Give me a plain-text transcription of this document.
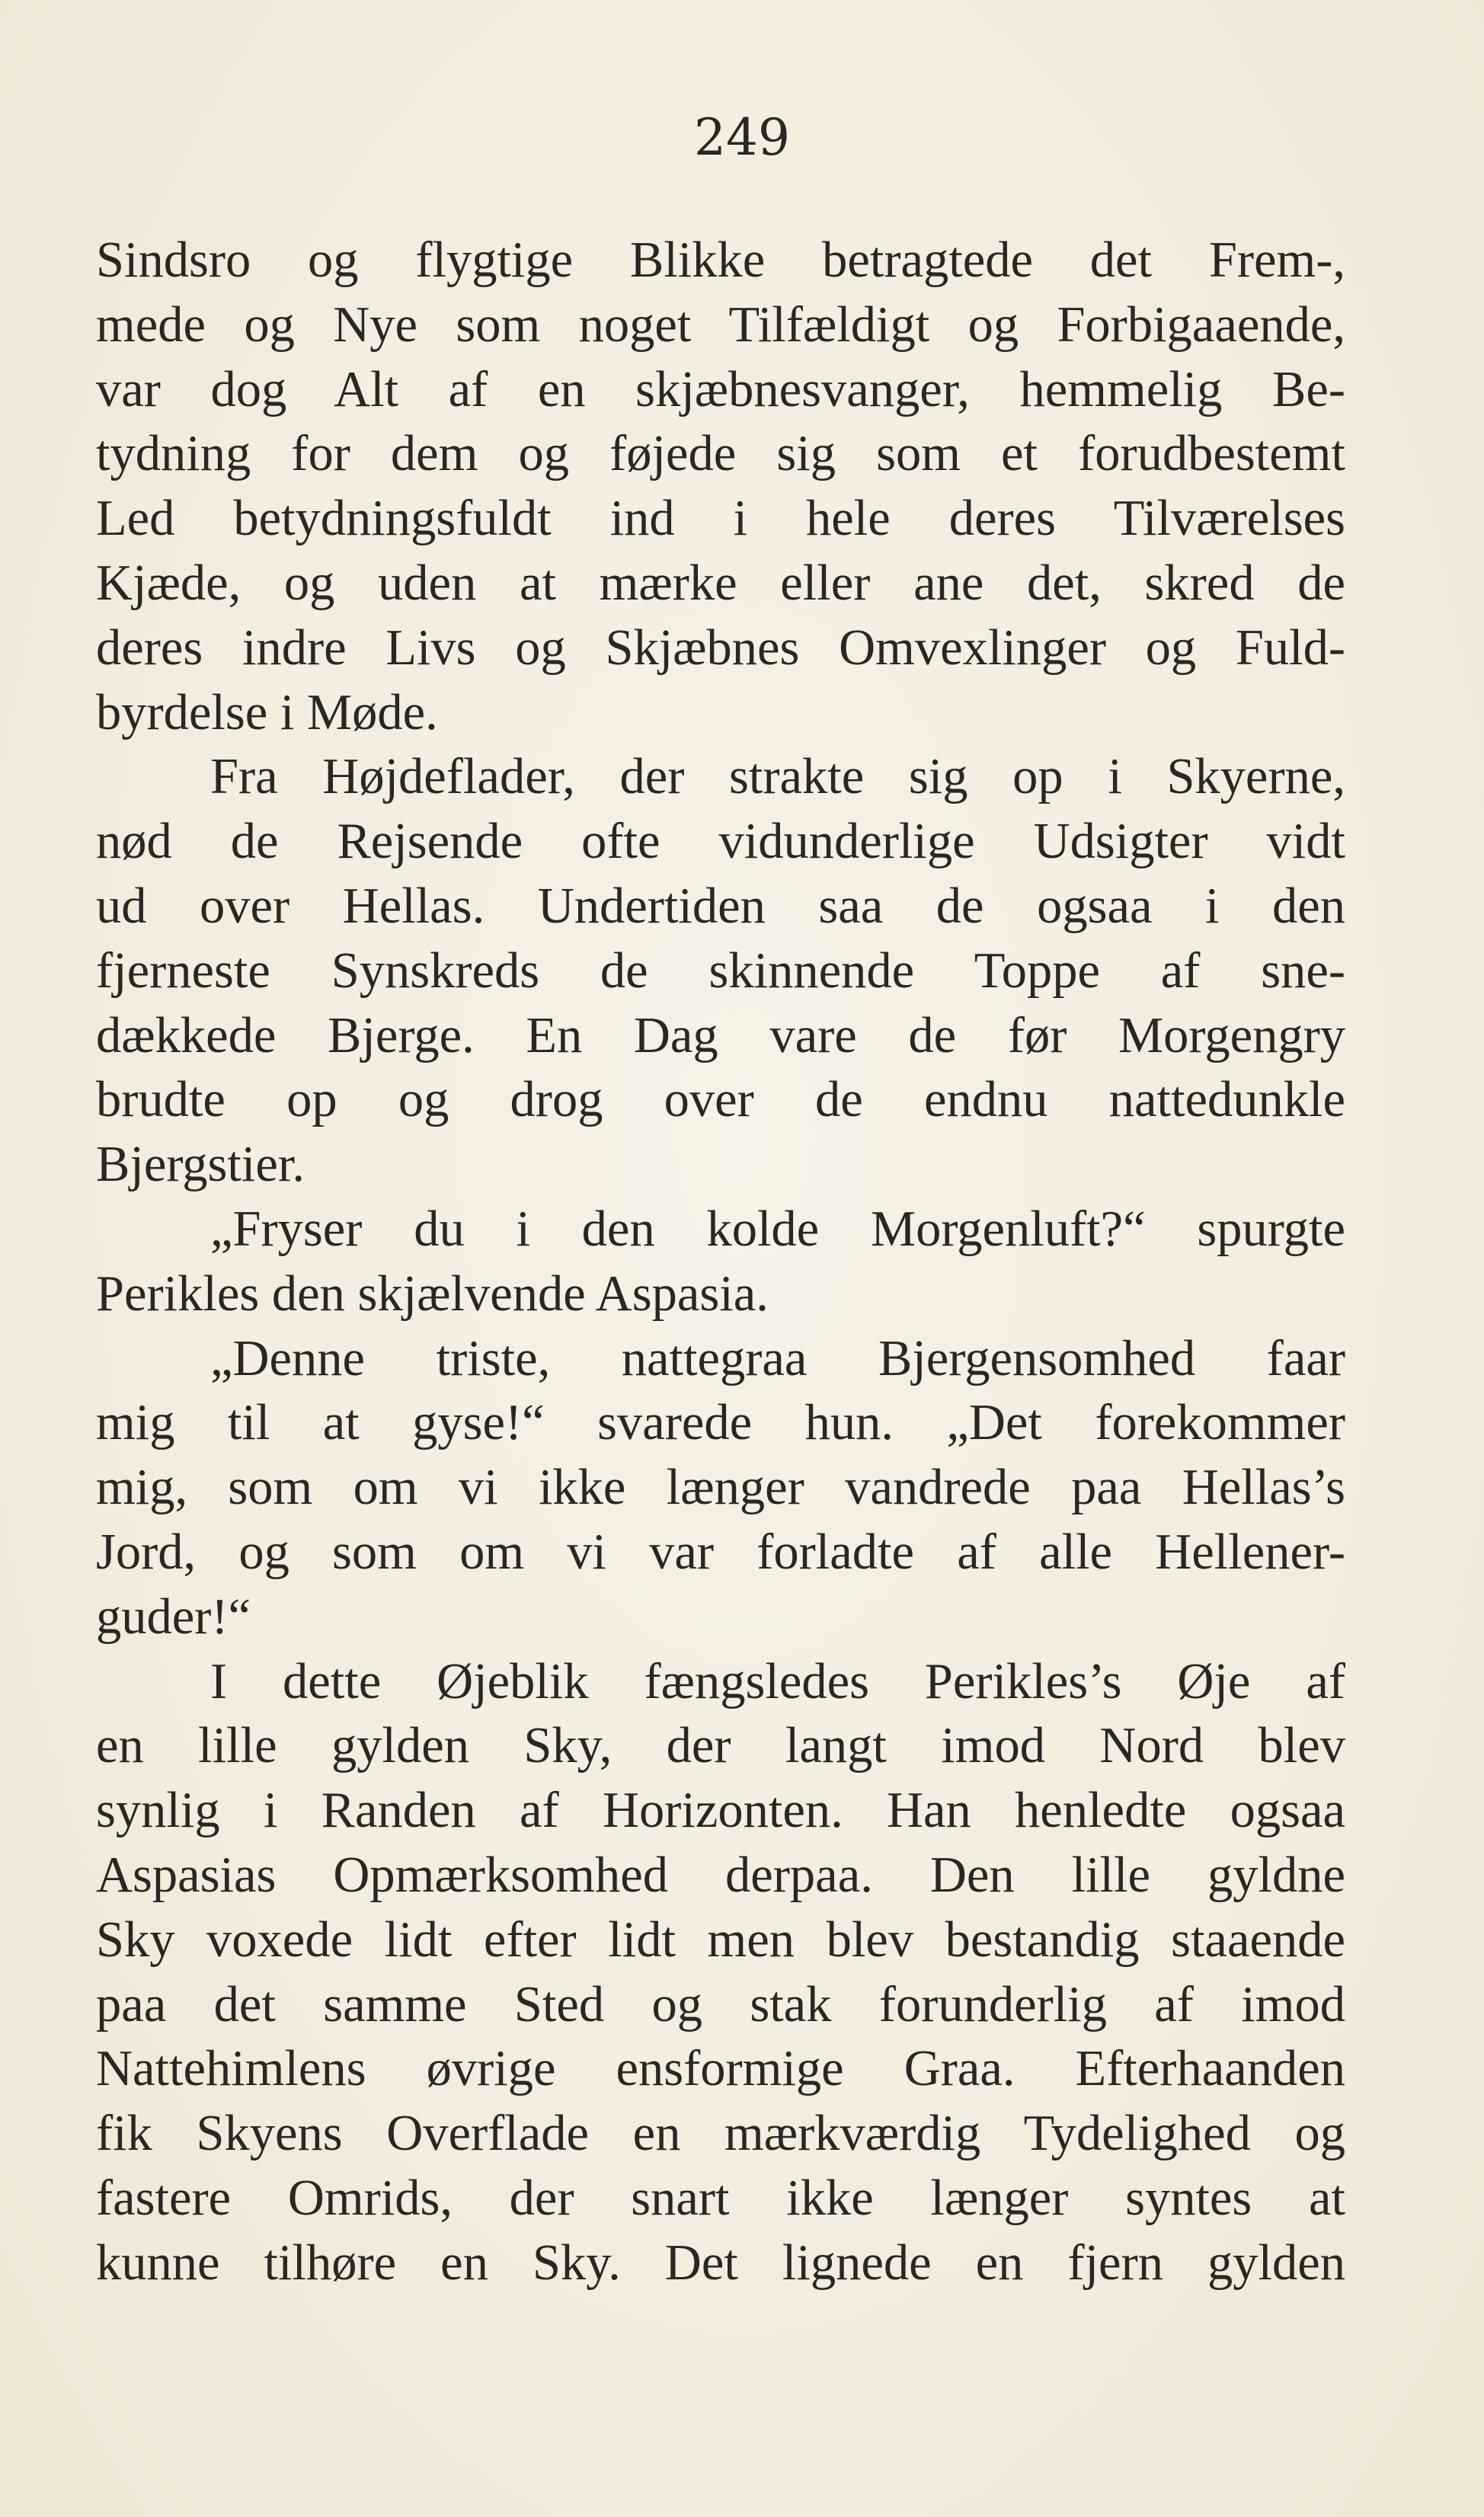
249
Sindsro og flygtige Blikke betragtede det Frem-,
mede og Nye som noget Tilfældigt og Forbigaaende,
var dog Alt af en skjæbnesvanger, hemmelig Be-
tydning for dem og føjede sig som et forudbestemt
Led betydningsfuldt ind i hele deres Tilværelses
Kjæde, og uden at mærke eller ane det, skred de
deres indre Livs og Skjæbnes Omvexlinger og Fuld-
byrdelse i Møde.
Fra Højdeflader, der strakte sig op i Skyerne,
nød de Rejsende ofte vidunderlige Udsigter vidt
ud over Hellas. Undertiden saa de ogsaa i den
fjerneste Synskreds de skinnende Toppe af sne-
dækkede Bjerge. En Dag vare de før Morgengry
brudte op og drog over de endnu nattedunkle
Bjergstier.
„Fryser du i den kolde Morgenluft?“ spurgte
Perikles den skjælvende Aspasia.
„Denne triste, nattegraa Bjergensomhed faar
mig til at gyse!“ svarede hun. „Det forekommer
mig, som om vi ikke længer vandrede paa Hellas’s
Jord, og som om vi var forladte af alle Hellener-
guder!“
I dette Øjeblik fængsledes Perikles’s Øje af
en lille gylden Sky, der langt imod Nord blev
synlig i Randen af Horizonten. Han henledte ogsaa
Aspasias Opmærksomhed derpaa. Den lille gyldne
Sky voxede lidt efter lidt men blev bestandig staaende
paa det samme Sted og stak forunderlig af imod
Nattehimlens øvrige ensformige Graa. Efterhaanden
fik Skyens Overflade en mærkværdig Tydelighed og
fastere Omrids, der snart ikke længer syntes at
kunne tilhøre en Sky. Det lignede en fjern gylden
